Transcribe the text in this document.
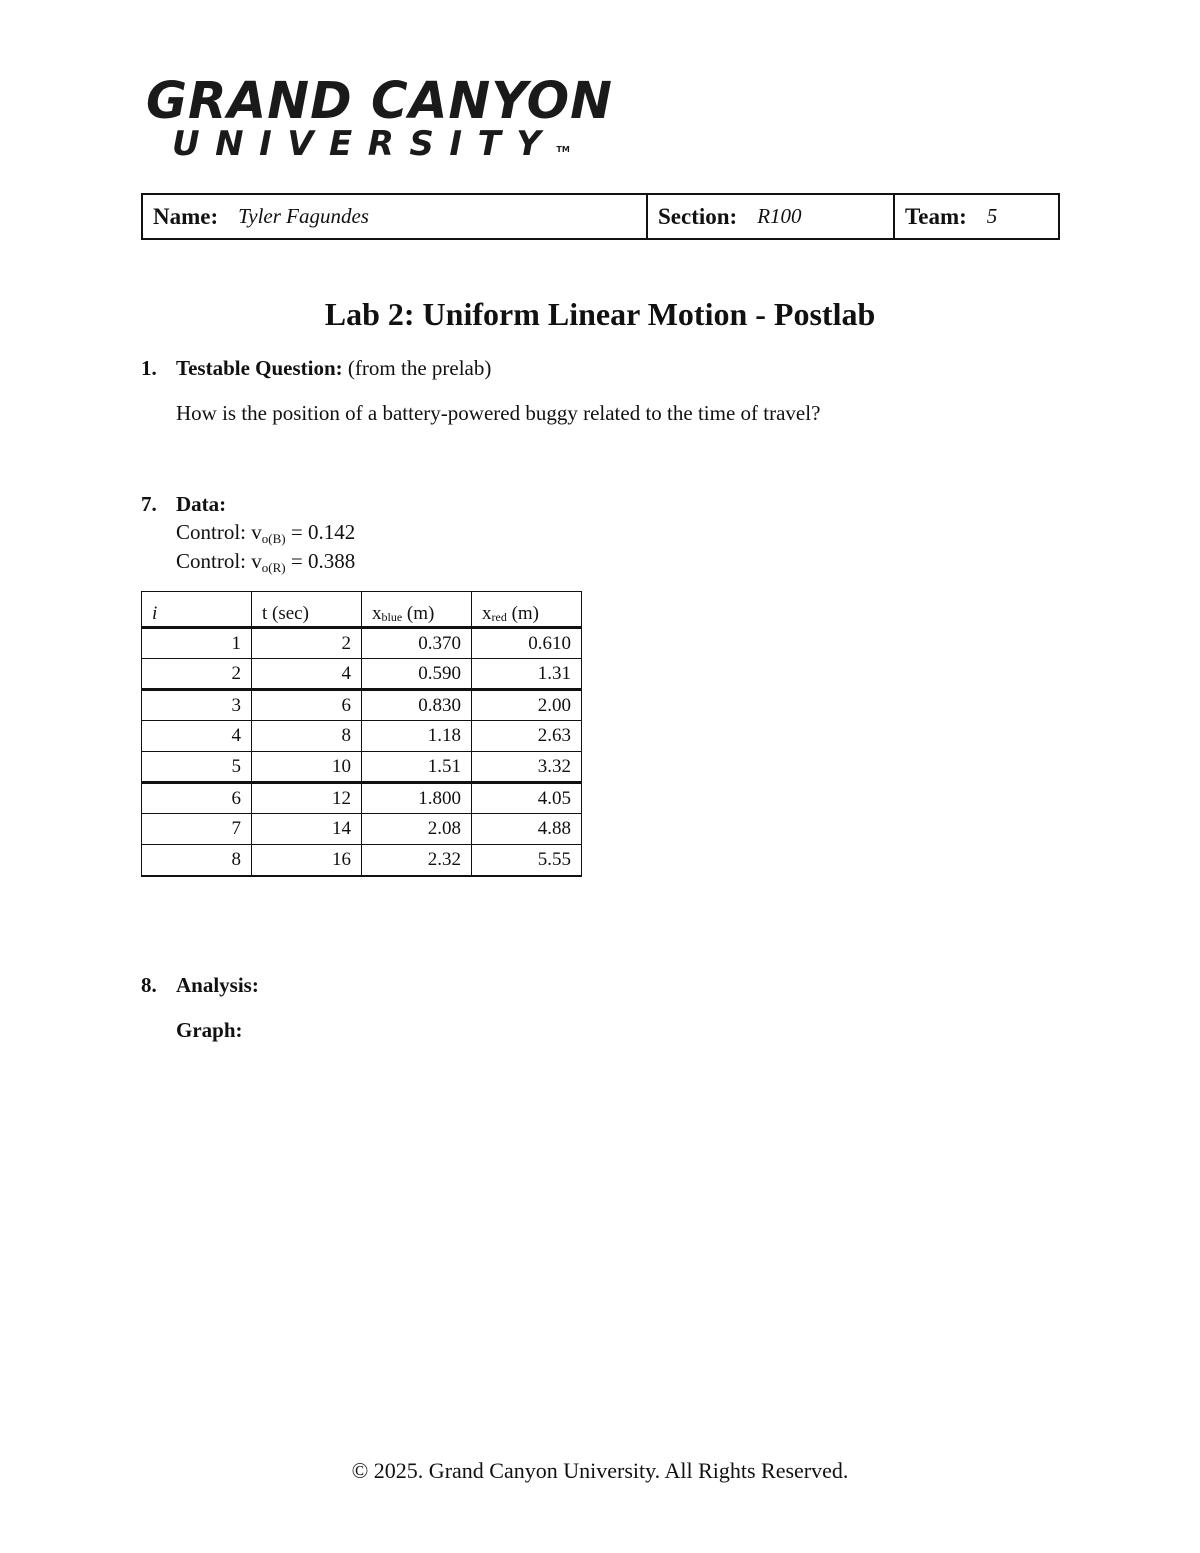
GRAND CANYON
UNIVERSITY™
Name: Tyler Fagundes	Section: R100	Team: 5
Lab 2: Uniform Linear Motion - Postlab
1. Testable Question: (from the prelab)
How is the position of a battery-powered buggy related to the time of travel?
7. Data:
Control: $v_{o(B)} = 0.142$
Control: $v_{o(R)} = 0.388$
i	t (sec)	xblue (m)	xred (m)
1	2	0.370	0.610
2	4	0.590	1.31
3	6	0.830	2.00
4	8	1.18	2.63
5	10	1.51	3.32
6	12	1.800	4.05
7	14	2.08	4.88
8	16	2.32	5.55
8. Analysis:
Graph:
© 2025. Grand Canyon University. All Rights Reserved.
